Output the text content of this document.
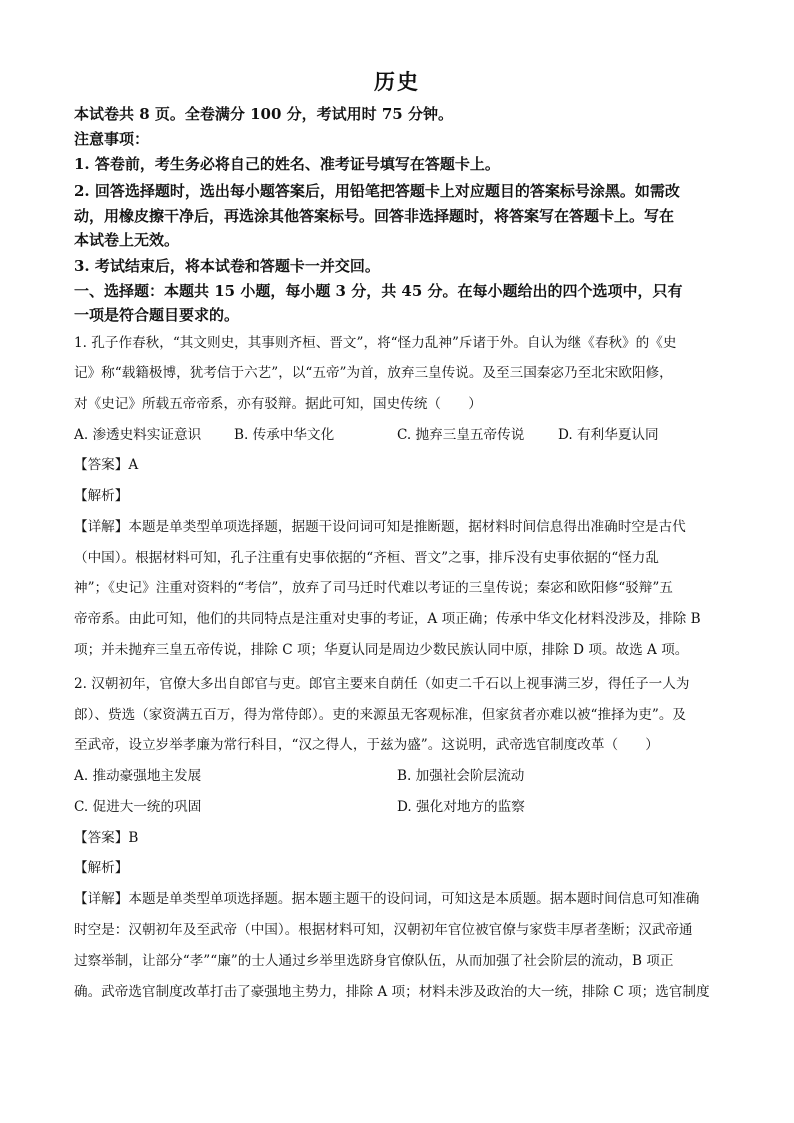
历史
本试卷共 8 页。全卷满分 100 分，考试用时 75 分钟。
注意事项：
1. 答卷前，考生务必将自己的姓名、准考证号填写在答题卡上。
2. 回答选择题时，选出每小题答案后，用铅笔把答题卡上对应题目的答案标号涂黑。如需改
动，用橡皮擦干净后，再选涂其他答案标号。回答非选择题时，将答案写在答题卡上。写在
本试卷上无效。
3. 考试结束后，将本试卷和答题卡一并交回。
一、选择题：本题共 15 小题，每小题 3 分，共 45 分。在每小题给出的四个选项中，只有
一项是符合题目要求的。
1. 孔子作春秋，“其文则史，其事则齐桓、晋文”，将“怪力乱神”斥诸于外。自认为继《春秋》的《史
记》称“载籍极博，犹考信于六艺”，以“五帝”为首，放弃三皇传说。及至三国秦宓乃至北宋欧阳修，
对《史记》所载五帝帝系，亦有驳辩。据此可知，国史传统（　　）
A. 渗透史料实证意识 B. 传承中华文化	C. 抛弃三皇五帝传说 D. 有利华夏认同
【答案】A
【解析】
【详解】本题是单类型单项选择题，据题干设问词可知是推断题，据材料时间信息得出准确时空是古代
（中国）。根据材料可知，孔子注重有史事依据的“齐桓、晋文”之事，排斥没有史事依据的“怪力乱
神”；《史记》注重对资料的“考信”，放弃了司马迁时代难以考证的三皇传说；秦宓和欧阳修“驳辩”五
帝帝系。由此可知，他们的共同特点是注重对史事的考证，A 项正确；传承中华文化材料没涉及，排除 B
项；并未抛弃三皇五帝传说，排除 C 项；华夏认同是周边少数民族认同中原，排除 D 项。故选 A 项。
2. 汉朝初年，官僚大多出自郎官与吏。郎官主要来自荫任（如吏二千石以上视事满三岁，得任子一人为
郎）、赀选（家资满五百万，得为常侍郎）。吏的来源虽无客观标准，但家贫者亦难以被“推择为吏”。及
至武帝，设立岁举孝廉为常行科目，“汉之得人，于兹为盛”。这说明，武帝选官制度改革（　　）
A. 推动豪强地主发展	B. 加强社会阶层流动
C. 促进大一统的巩固	D. 强化对地方的监察
【答案】B
【解析】
【详解】本题是单类型单项选择题。据本题主题干的设问词，可知这是本质题。据本题时间信息可知准确
时空是：汉朝初年及至武帝（中国）。根据材料可知，汉朝初年官位被官僚与家赀丰厚者垄断；汉武帝通
过察举制，让部分“孝”“廉”的士人通过乡举里选跻身官僚队伍，从而加强了社会阶层的流动，B 项正
确。武帝选官制度改革打击了豪强地主势力，排除 A 项；材料未涉及政治的大一统，排除 C 项；选官制度
